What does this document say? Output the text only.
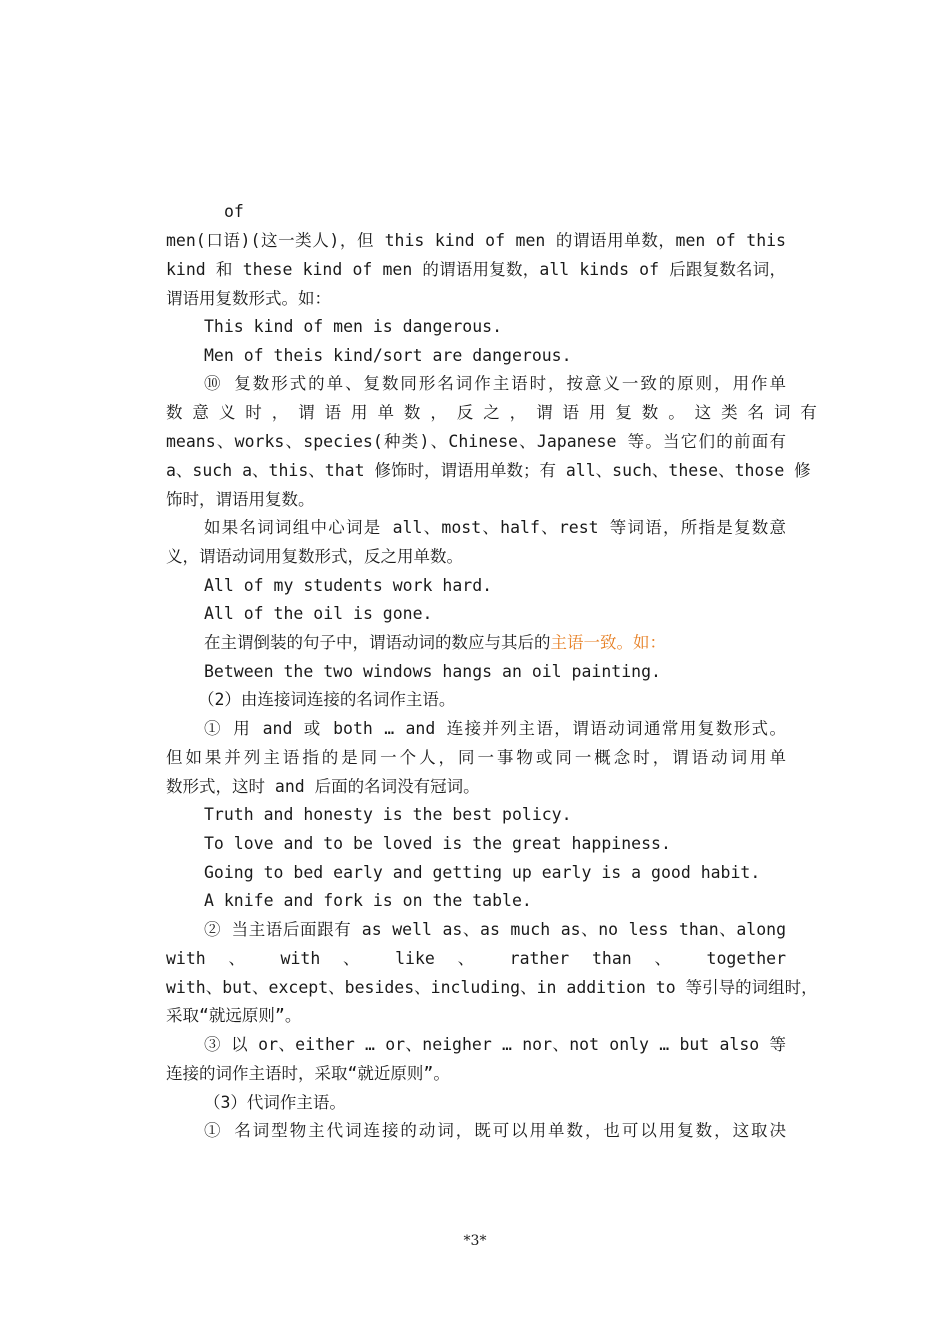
of
men(口语)(这一类人)，但 this kind of men 的谓语用单数，men of this
kind 和 these kind of men 的谓语用复数，all kinds of 后跟复数名词，
谓语用复数形式。如：
This kind of men is dangerous.
Men of theis kind/sort are dangerous.
⑩ 复数形式的单、复数同形名词作主语时，按意义一致的原则，用作单
数 意 义 时 ， 谓 语 用 单 数 ， 反 之 ， 谓 语 用 复 数 。 这 类 名 词 有
means、works、species(种类)、Chinese、Japanese 等。当它们的前面有
a、such a、this、that 修饰时，谓语用单数；有 all、such、these、those 修
饰时，谓语用复数。
如果名词词组中心词是 all、most、half、rest 等词语，所指是复数意
义，谓语动词用复数形式，反之用单数。
All of my students work hard.
All of the oil is gone.
在主谓倒装的句子中，谓语动词的数应与其后的主语一致。如：
Between the two windows hangs an oil painting.
（2）由连接词连接的名词作主语。
① 用 and 或 both … and 连接并列主语，谓语动词通常用复数形式。
但如果并列主语指的是同一个人，同一事物或同一概念时，谓语动词用单
数形式，这时 and 后面的名词没有冠词。
Truth and honesty is the best policy.
To love and to be loved is the great happiness.
Going to bed early and getting up early is a good habit.
A knife and fork is on the table.
② 当主语后面跟有 as well as、as much as、no less than、along
with 、 with 、 like 、 rather than 、 together
with、but、except、besides、including、in addition to 等引导的词组时，
采取“就远原则”。
③ 以 or、either … or、neigher … nor、not only … but also 等
连接的词作主语时，采取“就近原则”。
（3）代词作主语。
① 名词型物主代词连接的动词，既可以用单数，也可以用复数，这取决
*3*
